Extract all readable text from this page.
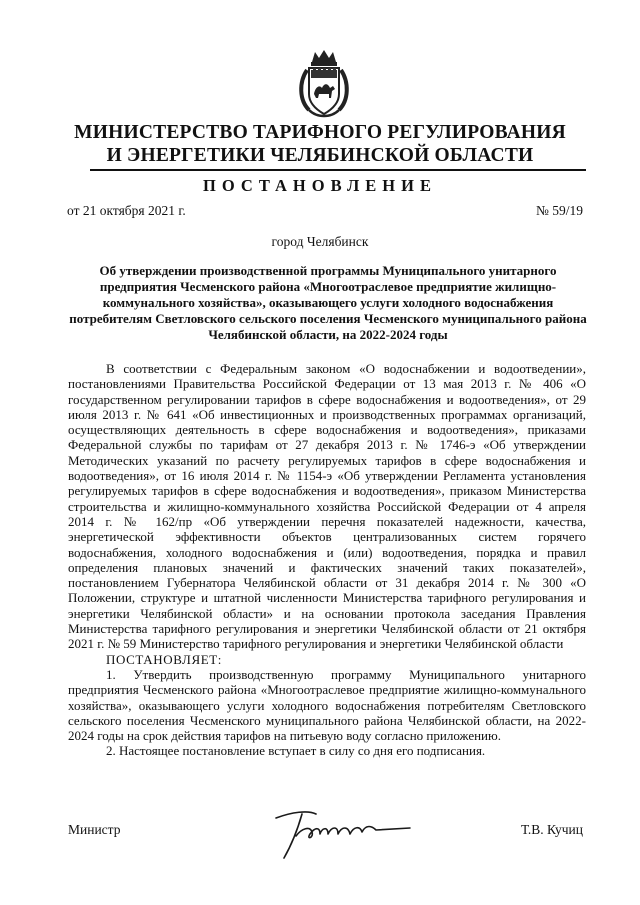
МИНИСТЕРСТВО ТАРИФНОГО РЕГУЛИРОВАНИЯ
И ЭНЕРГЕТИКИ ЧЕЛЯБИНСКОЙ ОБЛАСТИ
ПОСТАНОВЛЕНИЕ
от 21 октября 2021 г.	№ 59/19
город Челябинск
Об утверждении производственной программы Муниципального унитарного предприятия Чесменского района «Многоотраслевое предприятие жилищно-коммунального хозяйства», оказывающего услуги холодного водоснабжения потребителям Светловского сельского поселения Чесменского муниципального района Челябинской области, на 2022-2024 годы

В соответствии с Федеральным законом «О водоснабжении и водоотведении», постановлениями Правительства Российской Федерации от 13 мая 2013 г. № 406 «О государственном регулировании тарифов в сфере водоснабжения и водоотведения», от 29 июля 2013 г. № 641 «Об инвестиционных и производственных программах организаций, осуществляющих деятельность в сфере водоснабжения и водоотведения», приказами Федеральной службы по тарифам от 27 декабря 2013 г. № 1746-э «Об утверждении Методических указаний по расчету регулируемых тарифов в сфере водоснабжения и водоотведения», от 16 июля 2014 г. № 1154-э «Об утверждении Регламента установления регулируемых тарифов в сфере водоснабжения и водоотведения», приказом Министерства строительства и жилищно-коммунального хозяйства Российской Федерации от 4 апреля 2014 г. № 162/пр «Об утверждении перечня показателей надежности, качества, энергетической эффективности объектов централизованных систем горячего водоснабжения, холодного водоснабжения и (или) водоотведения, порядка и правил определения плановых значений и фактических значений таких показателей», постановлением Губернатора Челябинской области от 31 декабря 2014 г. № 300 «О Положении, структуре и штатной численности Министерства тарифного регулирования и энергетики Челябинской области» и на основании протокола заседания Правления Министерства тарифного регулирования и энергетики Челябинской области от 21 октября 2021 г. № 59 Министерство тарифного регулирования и энергетики Челябинской области

ПОСТАНОВЛЯЕТ:

1. Утвердить производственную программу Муниципального унитарного предприятия Чесменского района «Многоотраслевое предприятие жилищно-коммунального хозяйства», оказывающего услуги холодного водоснабжения потребителям Светловского сельского поселения Чесменского муниципального района Челябинской области, на 2022-2024 годы на срок действия тарифов на питьевую воду согласно приложению.

2. Настоящее постановление вступает в силу со дня его подписания.

Министр	Т.В. Кучиц
